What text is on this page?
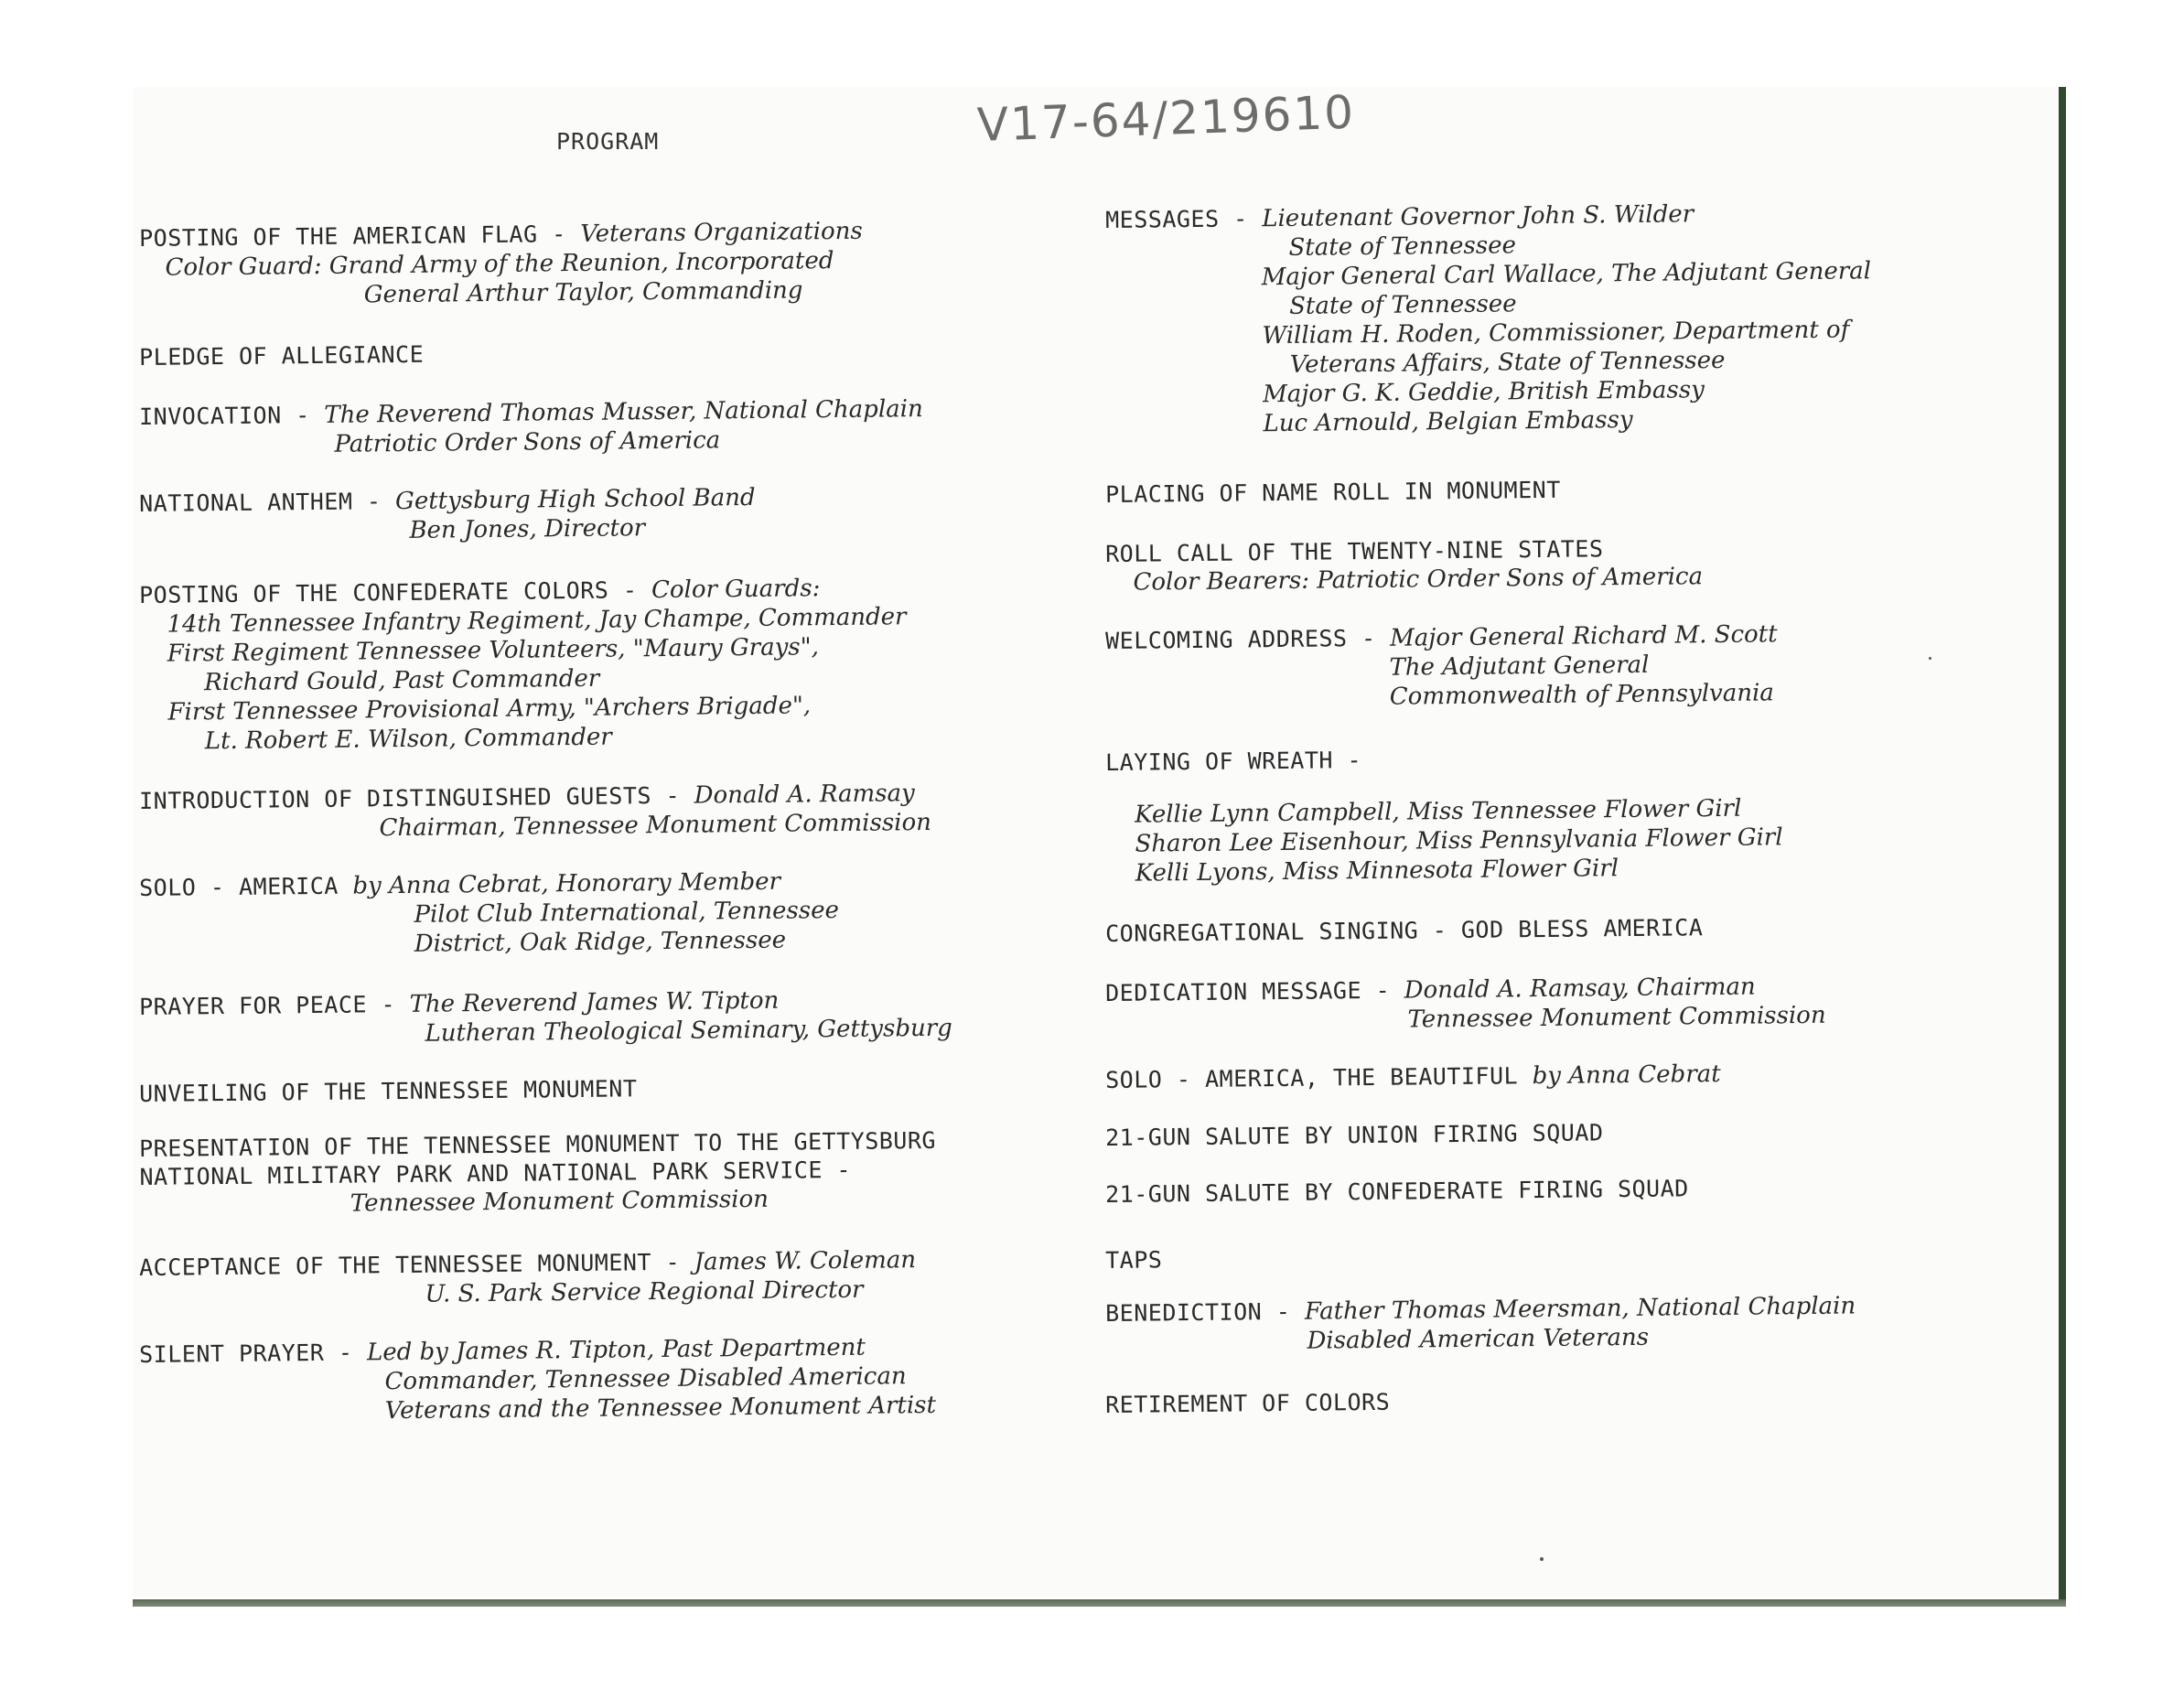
PROGRAM	V17-64/219610
POSTING OF THE AMERICAN FLAG - Veterans Organizations
Color Guard: Grand Army of the Reunion, Incorporated
General Arthur Taylor, Commanding
PLEDGE OF ALLEGIANCE
INVOCATION - The Reverend Thomas Musser, National Chaplain
Patriotic Order Sons of America
NATIONAL ANTHEM - Gettysburg High School Band
Ben Jones, Director
POSTING OF THE CONFEDERATE COLORS - Color Guards:
14th Tennessee Infantry Regiment, Jay Champe, Commander
First Regiment Tennessee Volunteers, "Maury Grays",
Richard Gould, Past Commander
First Tennessee Provisional Army, "Archers Brigade",
Lt. Robert E. Wilson, Commander
INTRODUCTION OF DISTINGUISHED GUESTS - Donald A. Ramsay
Chairman, Tennessee Monument Commission
SOLO - AMERICA by Anna Cebrat, Honorary Member
Pilot Club International, Tennessee
District, Oak Ridge, Tennessee
PRAYER FOR PEACE - The Reverend James W. Tipton
Lutheran Theological Seminary, Gettysburg
UNVEILING OF THE TENNESSEE MONUMENT
PRESENTATION OF THE TENNESSEE MONUMENT TO THE GETTYSBURG
NATIONAL MILITARY PARK AND NATIONAL PARK SERVICE -
Tennessee Monument Commission
ACCEPTANCE OF THE TENNESSEE MONUMENT - James W. Coleman
U. S. Park Service Regional Director
SILENT PRAYER - Led by James R. Tipton, Past Department
Commander, Tennessee Disabled American
Veterans and the Tennessee Monument Artist
MESSAGES - Lieutenant Governor John S. Wilder
State of Tennessee
Major General Carl Wallace, The Adjutant General
State of Tennessee
William H. Roden, Commissioner, Department of
Veterans Affairs, State of Tennessee
Major G. K. Geddie, British Embassy
Luc Arnould, Belgian Embassy
PLACING OF NAME ROLL IN MONUMENT
ROLL CALL OF THE TWENTY-NINE STATES
Color Bearers: Patriotic Order Sons of America
WELCOMING ADDRESS - Major General Richard M. Scott
The Adjutant General
Commonwealth of Pennsylvania
LAYING OF WREATH -
Kellie Lynn Campbell, Miss Tennessee Flower Girl
Sharon Lee Eisenhour, Miss Pennsylvania Flower Girl
Kelli Lyons, Miss Minnesota Flower Girl
CONGREGATIONAL SINGING - GOD BLESS AMERICA
DEDICATION MESSAGE - Donald A. Ramsay, Chairman
Tennessee Monument Commission
SOLO - AMERICA, THE BEAUTIFUL by Anna Cebrat
21-GUN SALUTE BY UNION FIRING SQUAD
21-GUN SALUTE BY CONFEDERATE FIRING SQUAD
TAPS
BENEDICTION - Father Thomas Meersman, National Chaplain
Disabled American Veterans
RETIREMENT OF COLORS
